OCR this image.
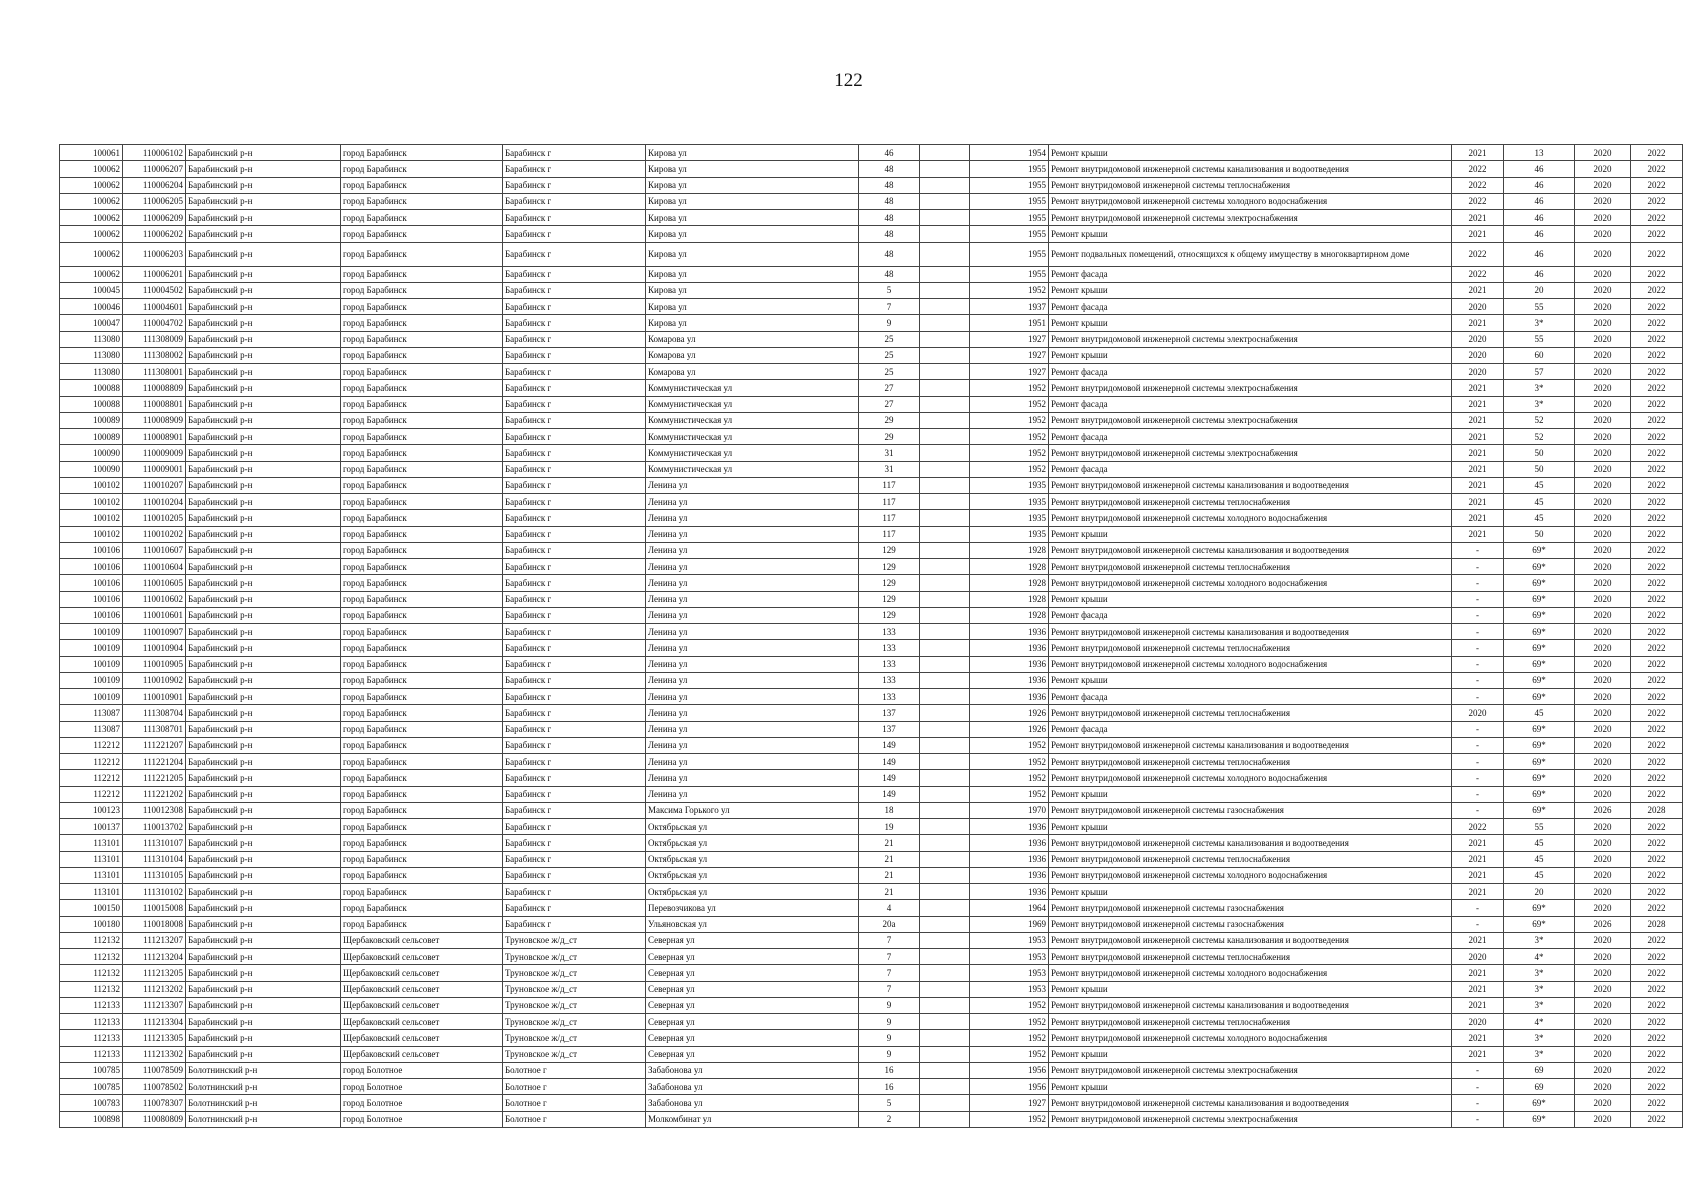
122
100061	110006102	Барабинский р-н	город Барабинск	Барабинск г	Кирова ул	46		1954	Ремонт крыши	2021	13	2020	2022
100062	110006207	Барабинский р-н	город Барабинск	Барабинск г	Кирова ул	48		1955	Ремонт внутридомовой инженерной системы канализования и водоотведения	2022	46	2020	2022
100062	110006204	Барабинский р-н	город Барабинск	Барабинск г	Кирова ул	48		1955	Ремонт внутридомовой инженерной системы теплоснабжения	2022	46	2020	2022
100062	110006205	Барабинский р-н	город Барабинск	Барабинск г	Кирова ул	48		1955	Ремонт внутридомовой инженерной системы холодного водоснабжения	2022	46	2020	2022
100062	110006209	Барабинский р-н	город Барабинск	Барабинск г	Кирова ул	48		1955	Ремонт внутридомовой инженерной системы электроснабжения	2021	46	2020	2022
100062	110006202	Барабинский р-н	город Барабинск	Барабинск г	Кирова ул	48		1955	Ремонт крыши	2021	46	2020	2022
100062	110006203	Барабинский р-н	город Барабинск	Барабинск г	Кирова ул	48		1955	Ремонт подвальных помещений, относящихся к общему имуществу в многоквартирном доме	2022	46	2020	2022
100062	110006201	Барабинский р-н	город Барабинск	Барабинск г	Кирова ул	48		1955	Ремонт фасада	2022	46	2020	2022
100045	110004502	Барабинский р-н	город Барабинск	Барабинск г	Кирова ул	5		1952	Ремонт крыши	2021	20	2020	2022
100046	110004601	Барабинский р-н	город Барабинск	Барабинск г	Кирова ул	7		1937	Ремонт фасада	2020	55	2020	2022
100047	110004702	Барабинский р-н	город Барабинск	Барабинск г	Кирова ул	9		1951	Ремонт крыши	2021	3*	2020	2022
113080	111308009	Барабинский р-н	город Барабинск	Барабинск г	Комарова ул	25		1927	Ремонт внутридомовой инженерной системы электроснабжения	2020	55	2020	2022
113080	111308002	Барабинский р-н	город Барабинск	Барабинск г	Комарова ул	25		1927	Ремонт крыши	2020	60	2020	2022
113080	111308001	Барабинский р-н	город Барабинск	Барабинск г	Комарова ул	25		1927	Ремонт фасада	2020	57	2020	2022
100088	110008809	Барабинский р-н	город Барабинск	Барабинск г	Коммунистическая ул	27		1952	Ремонт внутридомовой инженерной системы электроснабжения	2021	3*	2020	2022
100088	110008801	Барабинский р-н	город Барабинск	Барабинск г	Коммунистическая ул	27		1952	Ремонт фасада	2021	3*	2020	2022
100089	110008909	Барабинский р-н	город Барабинск	Барабинск г	Коммунистическая ул	29		1952	Ремонт внутридомовой инженерной системы электроснабжения	2021	52	2020	2022
100089	110008901	Барабинский р-н	город Барабинск	Барабинск г	Коммунистическая ул	29		1952	Ремонт фасада	2021	52	2020	2022
100090	110009009	Барабинский р-н	город Барабинск	Барабинск г	Коммунистическая ул	31		1952	Ремонт внутридомовой инженерной системы электроснабжения	2021	50	2020	2022
100090	110009001	Барабинский р-н	город Барабинск	Барабинск г	Коммунистическая ул	31		1952	Ремонт фасада	2021	50	2020	2022
100102	110010207	Барабинский р-н	город Барабинск	Барабинск г	Ленина ул	117		1935	Ремонт внутридомовой инженерной системы канализования и водоотведения	2021	45	2020	2022
100102	110010204	Барабинский р-н	город Барабинск	Барабинск г	Ленина ул	117		1935	Ремонт внутридомовой инженерной системы теплоснабжения	2021	45	2020	2022
100102	110010205	Барабинский р-н	город Барабинск	Барабинск г	Ленина ул	117		1935	Ремонт внутридомовой инженерной системы холодного водоснабжения	2021	45	2020	2022
100102	110010202	Барабинский р-н	город Барабинск	Барабинск г	Ленина ул	117		1935	Ремонт крыши	2021	50	2020	2022
100106	110010607	Барабинский р-н	город Барабинск	Барабинск г	Ленина ул	129		1928	Ремонт внутридомовой инженерной системы канализования и водоотведения	-	69*	2020	2022
100106	110010604	Барабинский р-н	город Барабинск	Барабинск г	Ленина ул	129		1928	Ремонт внутридомовой инженерной системы теплоснабжения	-	69*	2020	2022
100106	110010605	Барабинский р-н	город Барабинск	Барабинск г	Ленина ул	129		1928	Ремонт внутридомовой инженерной системы холодного водоснабжения	-	69*	2020	2022
100106	110010602	Барабинский р-н	город Барабинск	Барабинск г	Ленина ул	129		1928	Ремонт крыши	-	69*	2020	2022
100106	110010601	Барабинский р-н	город Барабинск	Барабинск г	Ленина ул	129		1928	Ремонт фасада	-	69*	2020	2022
100109	110010907	Барабинский р-н	город Барабинск	Барабинск г	Ленина ул	133		1936	Ремонт внутридомовой инженерной системы канализования и водоотведения	-	69*	2020	2022
100109	110010904	Барабинский р-н	город Барабинск	Барабинск г	Ленина ул	133		1936	Ремонт внутридомовой инженерной системы теплоснабжения	-	69*	2020	2022
100109	110010905	Барабинский р-н	город Барабинск	Барабинск г	Ленина ул	133		1936	Ремонт внутридомовой инженерной системы холодного водоснабжения	-	69*	2020	2022
100109	110010902	Барабинский р-н	город Барабинск	Барабинск г	Ленина ул	133		1936	Ремонт крыши	-	69*	2020	2022
100109	110010901	Барабинский р-н	город Барабинск	Барабинск г	Ленина ул	133		1936	Ремонт фасада	-	69*	2020	2022
113087	111308704	Барабинский р-н	город Барабинск	Барабинск г	Ленина ул	137		1926	Ремонт внутридомовой инженерной системы теплоснабжения	2020	45	2020	2022
113087	111308701	Барабинский р-н	город Барабинск	Барабинск г	Ленина ул	137		1926	Ремонт фасада	-	69*	2020	2022
112212	111221207	Барабинский р-н	город Барабинск	Барабинск г	Ленина ул	149		1952	Ремонт внутридомовой инженерной системы канализования и водоотведения	-	69*	2020	2022
112212	111221204	Барабинский р-н	город Барабинск	Барабинск г	Ленина ул	149		1952	Ремонт внутридомовой инженерной системы теплоснабжения	-	69*	2020	2022
112212	111221205	Барабинский р-н	город Барабинск	Барабинск г	Ленина ул	149		1952	Ремонт внутридомовой инженерной системы холодного водоснабжения	-	69*	2020	2022
112212	111221202	Барабинский р-н	город Барабинск	Барабинск г	Ленина ул	149		1952	Ремонт крыши	-	69*	2020	2022
100123	110012308	Барабинский р-н	город Барабинск	Барабинск г	Максима Горького ул	18		1970	Ремонт внутридомовой инженерной системы газоснабжения	-	69*	2026	2028
100137	110013702	Барабинский р-н	город Барабинск	Барабинск г	Октябрьская ул	19		1936	Ремонт крыши	2022	55	2020	2022
113101	111310107	Барабинский р-н	город Барабинск	Барабинск г	Октябрьская ул	21		1936	Ремонт внутридомовой инженерной системы канализования и водоотведения	2021	45	2020	2022
113101	111310104	Барабинский р-н	город Барабинск	Барабинск г	Октябрьская ул	21		1936	Ремонт внутридомовой инженерной системы теплоснабжения	2021	45	2020	2022
113101	111310105	Барабинский р-н	город Барабинск	Барабинск г	Октябрьская ул	21		1936	Ремонт внутридомовой инженерной системы холодного водоснабжения	2021	45	2020	2022
113101	111310102	Барабинский р-н	город Барабинск	Барабинск г	Октябрьская ул	21		1936	Ремонт крыши	2021	20	2020	2022
100150	110015008	Барабинский р-н	город Барабинск	Барабинск г	Перевозчикова ул	4		1964	Ремонт внутридомовой инженерной системы газоснабжения	-	69*	2020	2022
100180	110018008	Барабинский р-н	город Барабинск	Барабинск г	Ульяновская ул	20а		1969	Ремонт внутридомовой инженерной системы газоснабжения	-	69*	2026	2028
112132	111213207	Барабинский р-н	Щербаковский сельсовет	Труновское ж/д_ст	Северная ул	7		1953	Ремонт внутридомовой инженерной системы канализования и водоотведения	2021	3*	2020	2022
112132	111213204	Барабинский р-н	Щербаковский сельсовет	Труновское ж/д_ст	Северная ул	7		1953	Ремонт внутридомовой инженерной системы теплоснабжения	2020	4*	2020	2022
112132	111213205	Барабинский р-н	Щербаковский сельсовет	Труновское ж/д_ст	Северная ул	7		1953	Ремонт внутридомовой инженерной системы холодного водоснабжения	2021	3*	2020	2022
112132	111213202	Барабинский р-н	Щербаковский сельсовет	Труновское ж/д_ст	Северная ул	7		1953	Ремонт крыши	2021	3*	2020	2022
112133	111213307	Барабинский р-н	Щербаковский сельсовет	Труновское ж/д_ст	Северная ул	9		1952	Ремонт внутридомовой инженерной системы канализования и водоотведения	2021	3*	2020	2022
112133	111213304	Барабинский р-н	Щербаковский сельсовет	Труновское ж/д_ст	Северная ул	9		1952	Ремонт внутридомовой инженерной системы теплоснабжения	2020	4*	2020	2022
112133	111213305	Барабинский р-н	Щербаковский сельсовет	Труновское ж/д_ст	Северная ул	9		1952	Ремонт внутридомовой инженерной системы холодного водоснабжения	2021	3*	2020	2022
112133	111213302	Барабинский р-н	Щербаковский сельсовет	Труновское ж/д_ст	Северная ул	9		1952	Ремонт крыши	2021	3*	2020	2022
100785	110078509	Болотнинский р-н	город Болотное	Болотное г	Забабонова ул	16		1956	Ремонт внутридомовой инженерной системы электроснабжения	-	69	2020	2022
100785	110078502	Болотнинский р-н	город Болотное	Болотное г	Забабонова ул	16		1956	Ремонт крыши	-	69	2020	2022
100783	110078307	Болотнинский р-н	город Болотное	Болотное г	Забабонова ул	5		1927	Ремонт внутридомовой инженерной системы канализования и водоотведения	-	69*	2020	2022
100898	110080809	Болотнинский р-н	город Болотное	Болотное г	Молкомбинат ул	2		1952	Ремонт внутридомовой инженерной системы электроснабжения	-	69*	2020	2022
